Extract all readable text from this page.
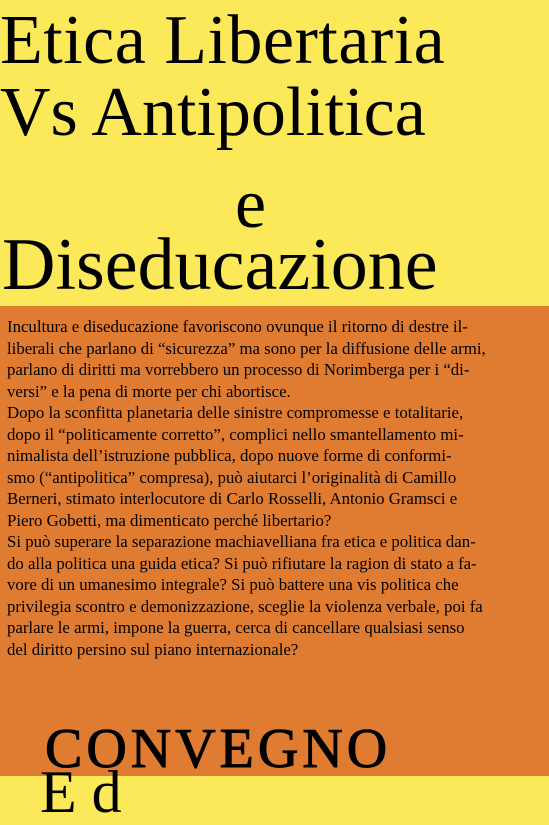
Etica Libertaria
Vs Antipolitica
e
Diseducazione

Incultura e diseducazione favoriscono ovunque il ritorno di destre il-
liberali che parlano di “sicurezza” ma sono per la diffusione delle armi,
parlano di diritti ma vorrebbero un processo di Norimberga per i “di-
versi” e la pena di morte per chi abortisce.

Dopo la sconfitta planetaria delle sinistre compromesse e totalitarie,
dopo il “politicamente corretto”, complici nello smantellamento mi-
nimalista dell’istruzione pubblica, dopo nuove forme di conformi-
smo (“antipolitica” compresa), può aiutarci l’originalità di Camillo
Berneri, stimato interlocutore di Carlo Rosselli, Antonio Gramsci e
Piero Gobetti, ma dimenticato perché libertario?

Si può superare la separazione machiavelliana fra etica e politica dan-
do alla politica una guida etica? Si può rifiutare la ragion di stato a fa-
vore di un umanesimo integrale? Si può battere una vis politica che
privilegia scontro e demonizzazione, sceglie la violenza verbale, poi fa
parlare le armi, impone la guerra, cerca di cancellare qualsiasi senso
del diritto persino sul piano internazionale?

CONVEGNO
E d
